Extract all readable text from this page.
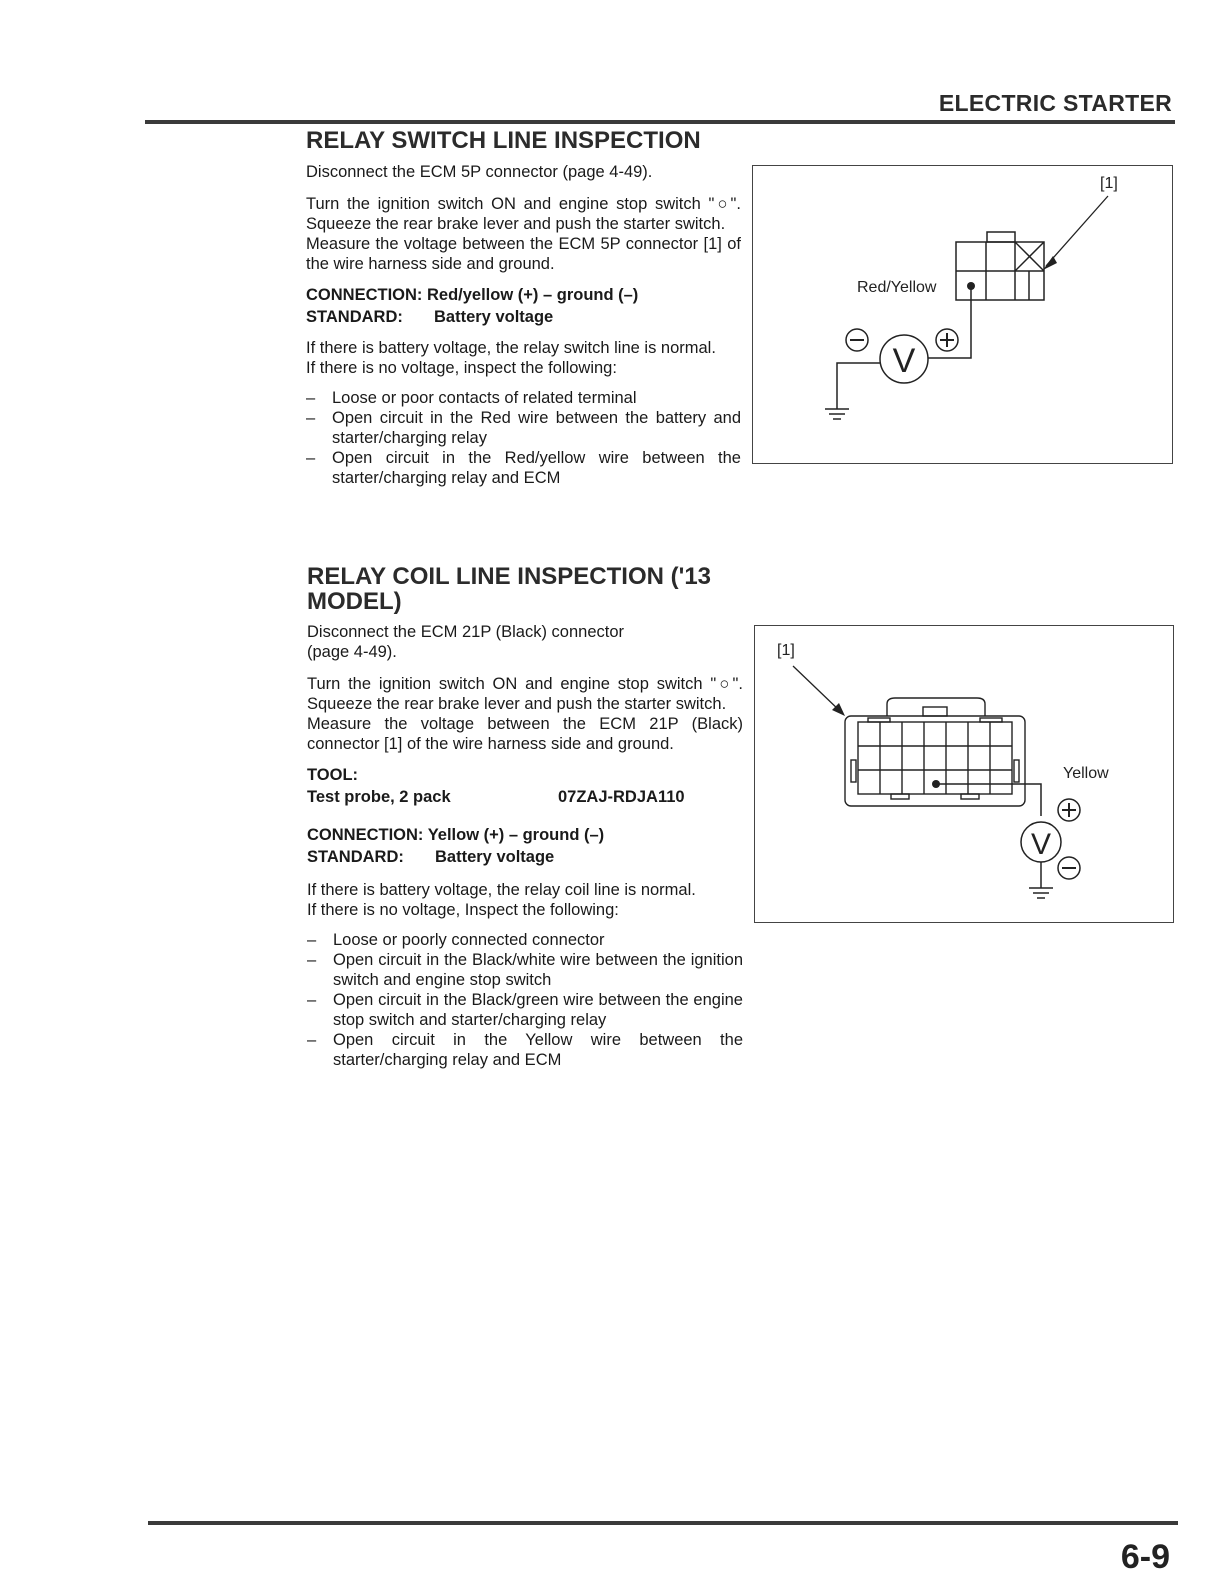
ELECTRIC STARTER
RELAY SWITCH LINE INSPECTION
Disconnect the ECM 5P connector (page 4-49).
Turn the ignition switch ON and engine stop switch "○". Squeeze the rear brake lever and push the starter switch.
Measure the voltage between the ECM 5P connector [1] of the wire harness side and ground.
CONNECTION: Red/yellow (+) – ground (–)
STANDARD:	Battery voltage
If there is battery voltage, the relay switch line is normal.
If there is no voltage, inspect the following:
– Loose or poor contacts of related terminal
– Open circuit in the Red wire between the battery and starter/charging relay
– Open circuit in the Red/yellow wire between the starter/charging relay and ECM
[1]
Red/Yellow
V
RELAY COIL LINE INSPECTION ('13 MODEL)
Disconnect the ECM 21P (Black) connector (page 4-49).
Turn the ignition switch ON and engine stop switch "○". Squeeze the rear brake lever and push the starter switch.
Measure the voltage between the ECM 21P (Black) connector [1] of the wire harness side and ground.
TOOL:
Test probe, 2 pack	07ZAJ-RDJA110
CONNECTION: Yellow (+) – ground (–)
STANDARD:	Battery voltage
If there is battery voltage, the relay coil line is normal.
If there is no voltage, Inspect the following:
– Loose or poorly connected connector
– Open circuit in the Black/white wire between the ignition switch and engine stop switch
– Open circuit in the Black/green wire between the engine stop switch and starter/charging relay
– Open circuit in the Yellow wire between the starter/charging relay and ECM
[1]
Yellow
V
6-9
